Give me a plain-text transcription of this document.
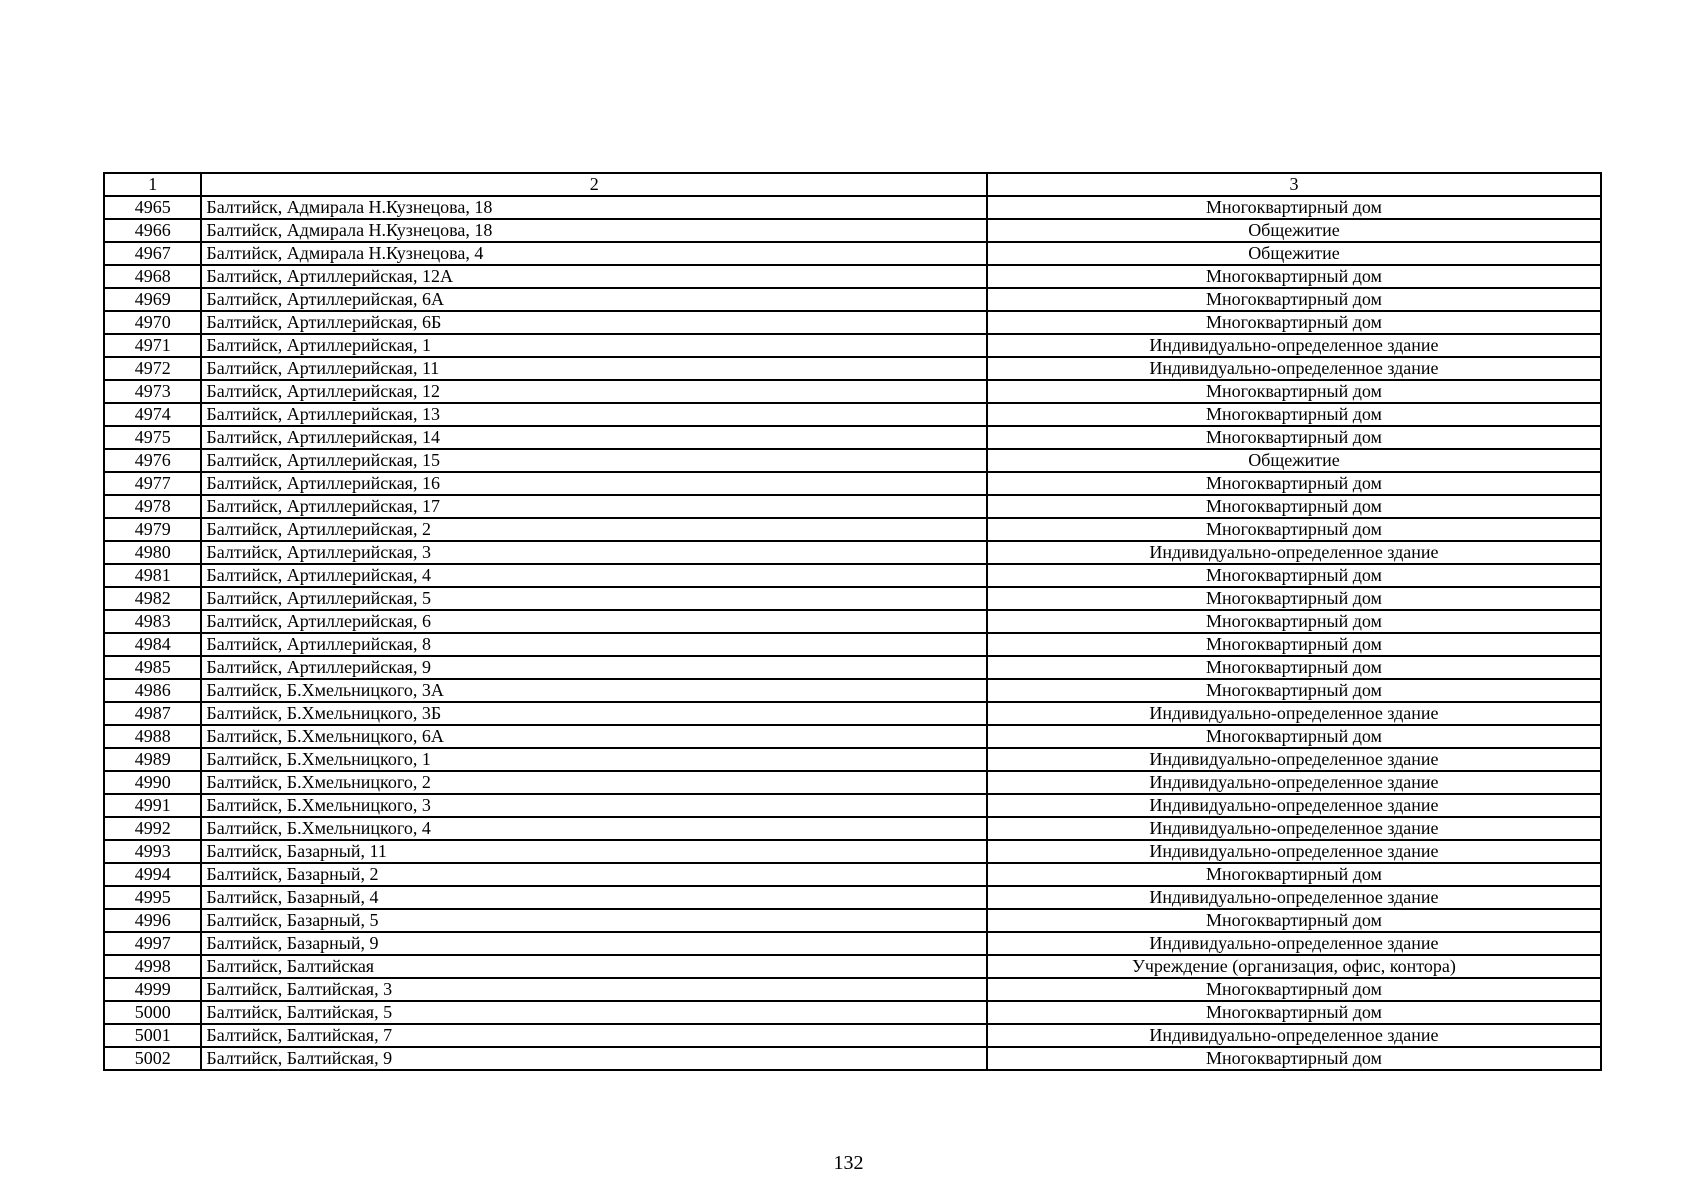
1	2	3
4965	Балтийск, Адмирала Н.Кузнецова, 18	Многоквартирный дом
4966	Балтийск, Адмирала Н.Кузнецова, 18	Общежитие
4967	Балтийск, Адмирала Н.Кузнецова, 4	Общежитие
4968	Балтийск, Артиллерийская, 12А	Многоквартирный дом
4969	Балтийск, Артиллерийская, 6А	Многоквартирный дом
4970	Балтийск, Артиллерийская, 6Б	Многоквартирный дом
4971	Балтийск, Артиллерийская, 1	Индивидуально-определенное здание
4972	Балтийск, Артиллерийская, 11	Индивидуально-определенное здание
4973	Балтийск, Артиллерийская, 12	Многоквартирный дом
4974	Балтийск, Артиллерийская, 13	Многоквартирный дом
4975	Балтийск, Артиллерийская, 14	Многоквартирный дом
4976	Балтийск, Артиллерийская, 15	Общежитие
4977	Балтийск, Артиллерийская, 16	Многоквартирный дом
4978	Балтийск, Артиллерийская, 17	Многоквартирный дом
4979	Балтийск, Артиллерийская, 2	Многоквартирный дом
4980	Балтийск, Артиллерийская, 3	Индивидуально-определенное здание
4981	Балтийск, Артиллерийская, 4	Многоквартирный дом
4982	Балтийск, Артиллерийская, 5	Многоквартирный дом
4983	Балтийск, Артиллерийская, 6	Многоквартирный дом
4984	Балтийск, Артиллерийская, 8	Многоквартирный дом
4985	Балтийск, Артиллерийская, 9	Многоквартирный дом
4986	Балтийск, Б.Хмельницкого, 3А	Многоквартирный дом
4987	Балтийск, Б.Хмельницкого, 3Б	Индивидуально-определенное здание
4988	Балтийск, Б.Хмельницкого, 6А	Многоквартирный дом
4989	Балтийск, Б.Хмельницкого, 1	Индивидуально-определенное здание
4990	Балтийск, Б.Хмельницкого, 2	Индивидуально-определенное здание
4991	Балтийск, Б.Хмельницкого, 3	Индивидуально-определенное здание
4992	Балтийск, Б.Хмельницкого, 4	Индивидуально-определенное здание
4993	Балтийск, Базарный, 11	Индивидуально-определенное здание
4994	Балтийск, Базарный, 2	Многоквартирный дом
4995	Балтийск, Базарный, 4	Индивидуально-определенное здание
4996	Балтийск, Базарный, 5	Многоквартирный дом
4997	Балтийск, Базарный, 9	Индивидуально-определенное здание
4998	Балтийск, Балтийская	Учреждение (организация, офис, контора)
4999	Балтийск, Балтийская, 3	Многоквартирный дом
5000	Балтийск, Балтийская, 5	Многоквартирный дом
5001	Балтийск, Балтийская, 7	Индивидуально-определенное здание
5002	Балтийск, Балтийская, 9	Многоквартирный дом
132
